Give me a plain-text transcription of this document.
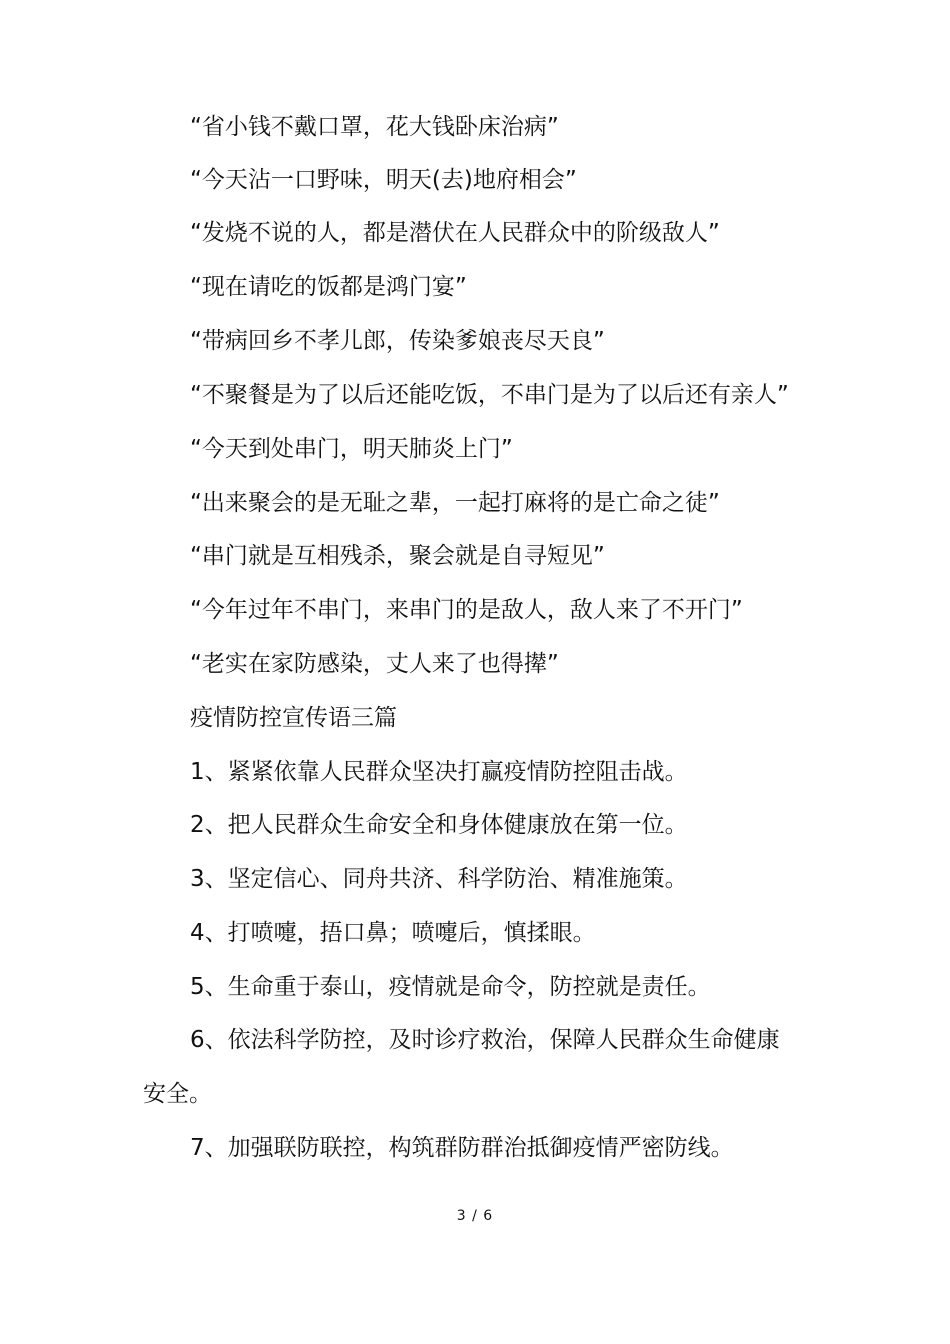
“省小钱不戴口罩，花大钱卧床治病”
“今天沾一口野味，明天(去)地府相会”
“发烧不说的人，都是潜伏在人民群众中的阶级敌人”
“现在请吃的饭都是鸿门宴”
“带病回乡不孝儿郎，传染爹娘丧尽天良”
“不聚餐是为了以后还能吃饭，不串门是为了以后还有亲人”
“今天到处串门，明天肺炎上门”
“出来聚会的是无耻之辈，一起打麻将的是亡命之徒”
“串门就是互相残杀，聚会就是自寻短见”
“今年过年不串门，来串门的是敌人，敌人来了不开门”
“老实在家防感染，丈人来了也得撵”
疫情防控宣传语三篇
1、紧紧依靠人民群众坚决打赢疫情防控阻击战。
2、把人民群众生命安全和身体健康放在第一位。
3、坚定信心、同舟共济、科学防治、精准施策。
4、打喷嚏，捂口鼻；喷嚏后，慎揉眼。
5、生命重于泰山，疫情就是命令，防控就是责任。
6、依法科学防控，及时诊疗救治，保障人民群众生命健康
安全。
7、加强联防联控，构筑群防群治抵御疫情严密防线。
3 / 6
